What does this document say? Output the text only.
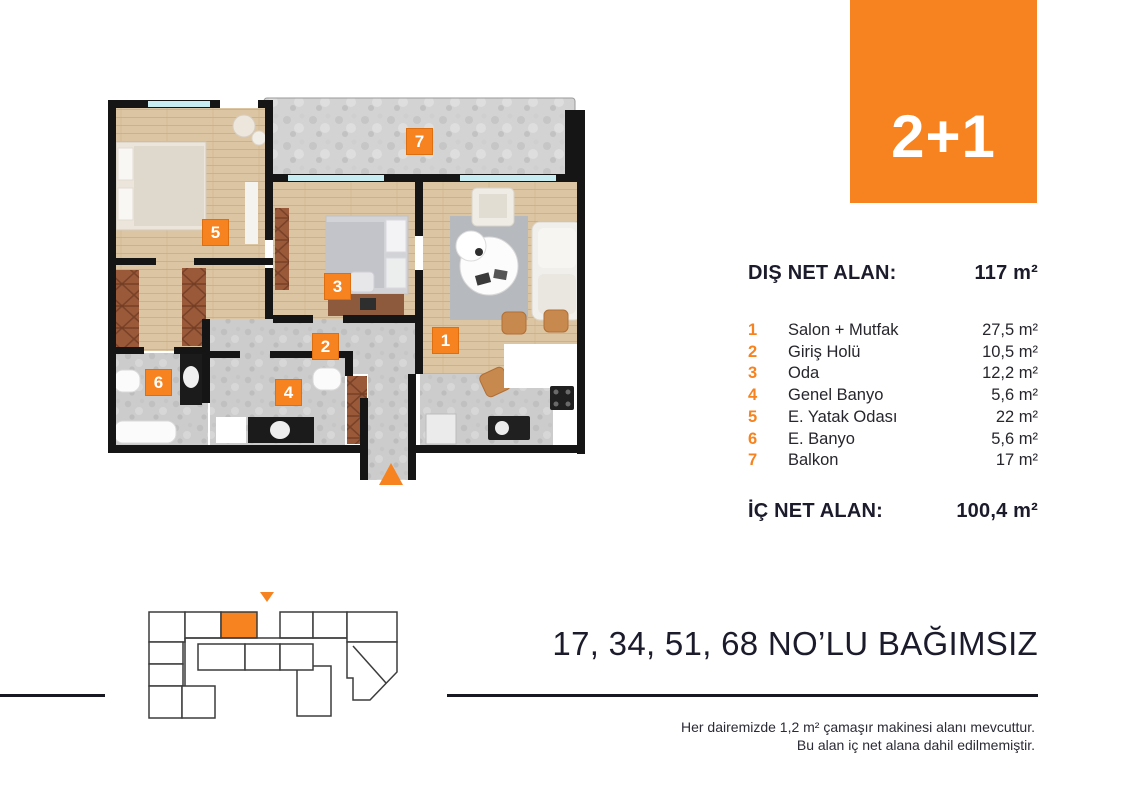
2+1
1
2
3
4
5
6
7
DIŞ NET ALAN:	117 m²
1	Salon + Mutfak	27,5 m²
2	Giriş Holü	10,5 m²
3	Oda	12,2 m²
4	Genel Banyo	5,6 m²
5	E. Yatak Odası	22 m²
6	E. Banyo	5,6 m²
7	Balkon	17 m²
İÇ NET ALAN:	100,4 m²
17, 34, 51, 68 NO’LU BAĞIMSIZ
Her dairemizde 1,2 m² çamaşır makinesi alanı mevcuttur.
Bu alan iç net alana dahil edilmemiştir.
